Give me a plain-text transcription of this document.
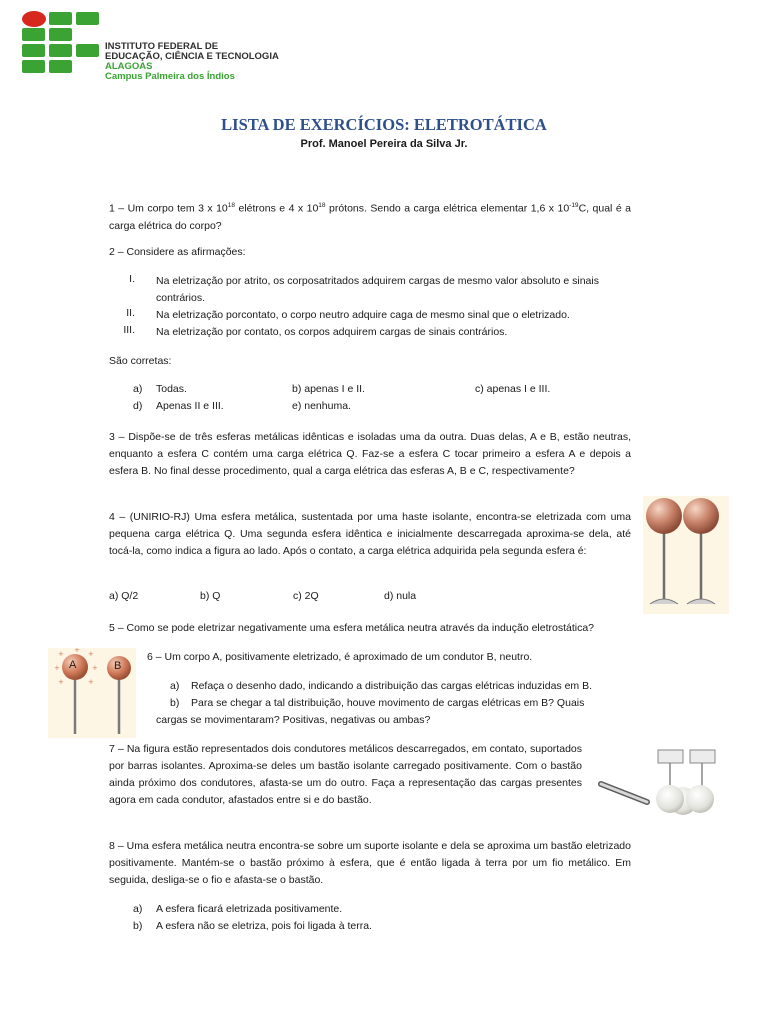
INSTITUTO FEDERAL DE
EDUCAÇÃO, CIÊNCIA E TECNOLOGIA
ALAGOAS
Campus Palmeira dos Índios
LISTA DE EXERCÍCIOS: ELETROTÁTICA
Prof. Manoel Pereira da Silva Jr.
1 – Um corpo tem 3 x $10^{18}$ elétrons e 4 x $10^{18}$ prótons. Sendo a carga elétrica elementar 1,6 x $10^{-19}C$, qual é a carga elétrica do corpo?
2 – Considere as afirmações:
I. Na eletrização por atrito, os corposatritados adquirem cargas de mesmo valor absoluto e sinais contrários.
II. Na eletrização porcontato, o corpo neutro adquire caga de mesmo sinal que o eletrizado.
III. Na eletrização por contato, os corpos adquirem cargas de sinais contrários.
São corretas:
a) Todas.	b) apenas I e II.	c) apenas I e III.
d) Apenas II e III.	e) nenhuma.
3 – Dispõe-se de três esferas metálicas idênticas e isoladas uma da outra. Duas delas, A e B, estão neutras, enquanto a esfera C contém uma carga elétrica Q. Faz-se a esfera C tocar primeiro a esfera A e depois a esfera B. No final desse procedimento, qual a carga elétrica das esferas A, B e C, respectivamente?
4 – (UNIRIO-RJ) Uma esfera metálica, sustentada por uma haste isolante, encontra-se eletrizada com uma pequena carga elétrica Q. Uma segunda esfera idêntica e inicialmente descarregada aproxima-se dela, até tocá-la, como indica a figura ao lado. Após o contato, a carga elétrica adquirida pela segunda esfera é:
a) Q/2	b) Q	c) 2Q	d) nula
5 – Como se pode eletrizar negativamente uma esfera metálica neutra através da indução eletrostática?
+ + +
+	+
+	+
A	B
6 – Um corpo A, positivamente eletrizado, é aproximado de um condutor B, neutro.
a) Refaça o desenho dado, indicando a distribuição das cargas elétricas induzidas em B.
b) Para se chegar a tal distribuição, houve movimento de cargas elétricas em B? Quais
cargas se movimentaram? Positivas, negativas ou ambas?
7 – Na figura estão representados dois condutores metálicos descarregados, em contato, suportados por barras isolantes. Aproxima-se deles um bastão isolante carregado positivamente. Com o bastão ainda próximo dos condutores, afasta-se um do outro. Faça a representação das cargas presentes agora em cada condutor, afastados entre si e do bastão.
8 – Uma esfera metálica neutra encontra-se sobre um suporte isolante e dela se aproxima um bastão eletrizado positivamente. Mantém-se o bastão próximo à esfera, que é então ligada à terra por um fio metálico. Em seguida, desliga-se o fio e afasta-se o bastão.
a) A esfera ficará eletrizada positivamente.
b) A esfera não se eletriza, pois foi ligada à terra.
